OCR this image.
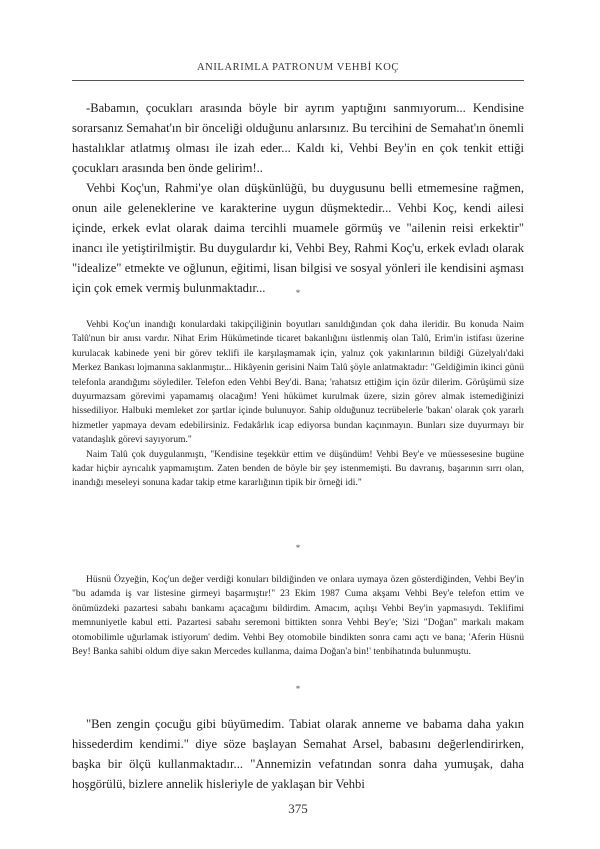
ANILARIMLA PATRONUM VEHBİ KOÇ

-Babamın, çocukları arasında böyle bir ayrım yaptığını sanmıyorum... Kendisine sorarsanız Semahat'ın bir önceliği olduğunu anlarsınız. Bu tercihini de Semahat'ın önemli hastalıklar atlatmış olması ile izah eder... Kaldı ki, Vehbi Bey'in en çok tenkit ettiği çocukları arasında ben önde gelirim!..

Vehbi Koç'un, Rahmi'ye olan düşkünlüğü, bu duygusunu belli etmemesine rağmen, onun aile geleneklerine ve karakterine uygun düşmektedir... Vehbi Koç, kendi ailesi içinde, erkek evlat olarak daima tercihli muamele görmüş ve "ailenin reisi erkektir" inancı ile yetiştirilmiştir. Bu duygulardır ki, Vehbi Bey, Rahmi Koç'u, erkek evladı olarak "idealize" etmekte ve oğlunun, eğitimi, lisan bilgisi ve sosyal yönleri ile kendisini aşması için çok emek vermiş bulunmaktadır...	*

Vehbi Koç'un inandığı konulardaki takipçiliğinin boyutları sanıldığından çok daha ileridir. Bu konuda Naim Talû'nun bir anısı vardır. Nihat Erim Hükümetinde ticaret bakanlığını üstlenmiş olan Talû, Erim'in istifası üzerine kurulacak kabinede yeni bir görev teklifi ile karşılaşmamak için, yalnız çok yakınlarının bildiği Güzelyalı'daki Merkez Bankası lojmanına saklanmıştır... Hikâyenin gerisini Naim Talû şöyle anlatmaktadır: "Geldiğimin ikinci günü telefonla arandığımı söylediler. Telefon eden Vehbi Bey'di. Bana; 'rahatsız ettiğim için özür dilerim. Görüşümü size duyurmazsam görevimi yapamamış olacağım! Yeni hükümet kurulmak üzere, sizin görev almak istemediğinizi hissediliyor. Halbuki memleket zor şartlar içinde bulunuyor. Sahip olduğunuz tecrübelerle 'bakan' olarak çok yararlı hizmetler yapmaya devam edebilirsiniz. Fedakârlık icap ediyorsa bundan kaçınmayın. Bunları size duyurmayı bir vatandaşlık görevi sayıyorum."

Naim Talû çok duygulanmıştı, "Kendisine teşekkür ettim ve düşündüm! Vehbi Bey'e ve müessesesine bugüne kadar hiçbir ayrıcalık yapmamıştım. Zaten benden de böyle bir şey istenmemişti. Bu davranış, başarının sırrı olan, inandığı meseleyi sonuna kadar takip etme kararlığının tipik bir örneği idi."

*

Hüsnü Özyeğin, Koç'un değer verdiği konuları bildiğinden ve onlara uymaya özen gösterdiğinden, Vehbi Bey'in "bu adamda iş var listesine girmeyi başarmıştır!" 23 Ekim 1987 Cuma akşamı Vehbi Bey'e telefon ettim ve önümüzdeki pazartesi sabahı bankamı açacağımı bildirdim. Amacım, açılışı Vehbi Bey'in yapmasıydı. Teklifimi memnuniyetle kabul etti. Pazartesi sabahı seremoni bittikten sonra Vehbi Bey'e; 'Sizi "Doğan" markalı makam otomobilimle uğurlamak istiyorum' dedim. Vehbi Bey otomobile bindikten sonra camı açtı ve bana; 'Aferin Hüsnü Bey! Banka sahibi oldum diye sakın Mercedes kullanma, daima Doğan'a bin!' tenbihatında bulunmuştu.

*
375

"Ben zengin çocuğu gibi büyümedim. Tabiat olarak anneme ve babama daha yakın hissederdim kendimi." diye söze başlayan Semahat Arsel, babasını değerlendirirken, başka bir ölçü kullanmaktadır... "Annemizin vefatından sonra daha yumuşak, daha hoşgörülü, bizlere annelik hisleriyle de yaklaşan bir Vehbi
